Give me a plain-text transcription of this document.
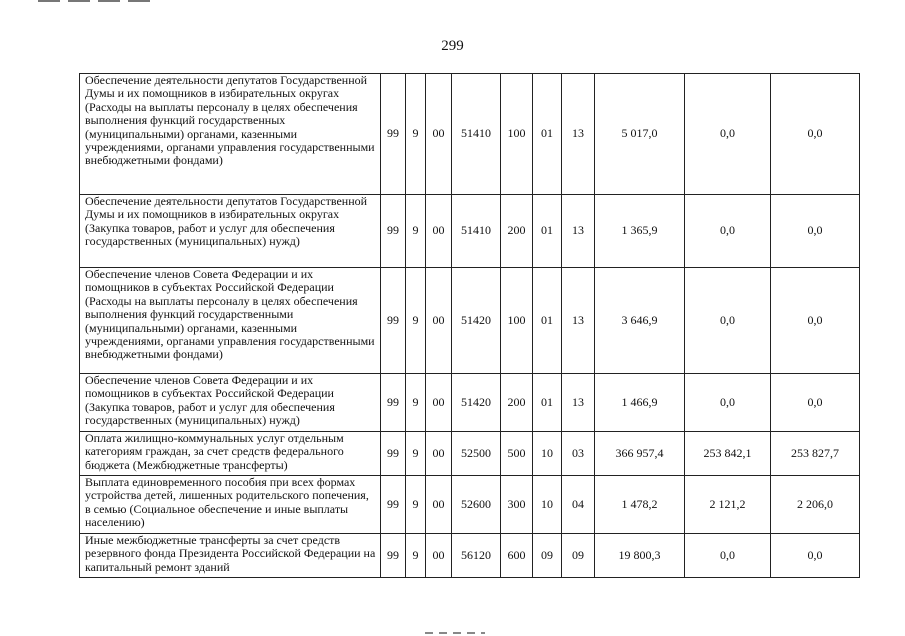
299
Обеспечение деятельности депутатов Государственной Думы и их помощников в избирательных округах (Расходы на выплаты персоналу в целях обеспечения выполнения функций государственных (муниципальными) органами, казенными учреждениями, органами управления государственными внебюджетными фондами)	99	9	00	51410	100	01	13	5 017,0	0,0	0,0
Обеспечение деятельности депутатов Государственной Думы и их помощников в избирательных округах (Закупка товаров, работ и услуг для обеспечения государственных (муниципальных) нужд)	99	9	00	51410	200	01	13	1 365,9	0,0	0,0
Обеспечение членов Совета Федерации и их помощников в субъектах Российской Федерации (Расходы на выплаты персоналу в целях обеспечения выполнения функций государственными (муниципальными) органами, казенными учреждениями, органами управления государственными внебюджетными фондами)	99	9	00	51420	100	01	13	3 646,9	0,0	0,0
Обеспечение членов Совета Федерации и их помощников в субъектах Российской Федерации (Закупка товаров, работ и услуг для обеспечения государственных (муниципальных) нужд)	99	9	00	51420	200	01	13	1 466,9	0,0	0,0
Оплата жилищно-коммунальных услуг отдельным категориям граждан, за счет средств федерального бюджета (Межбюджетные трансферты)	99	9	00	52500	500	10	03	366 957,4	253 842,1	253 827,7
Выплата единовременного пособия при всех формах устройства детей, лишенных родительского попечения, в семью (Социальное обеспечение и иные выплаты населению)	99	9	00	52600	300	10	04	1 478,2	2 121,2	2 206,0
Иные межбюджетные трансферты за счет средств резервного фонда Президента Российской Федерации на капитальный ремонт зданий	99	9	00	56120	600	09	09	19 800,3	0,0	0,0
